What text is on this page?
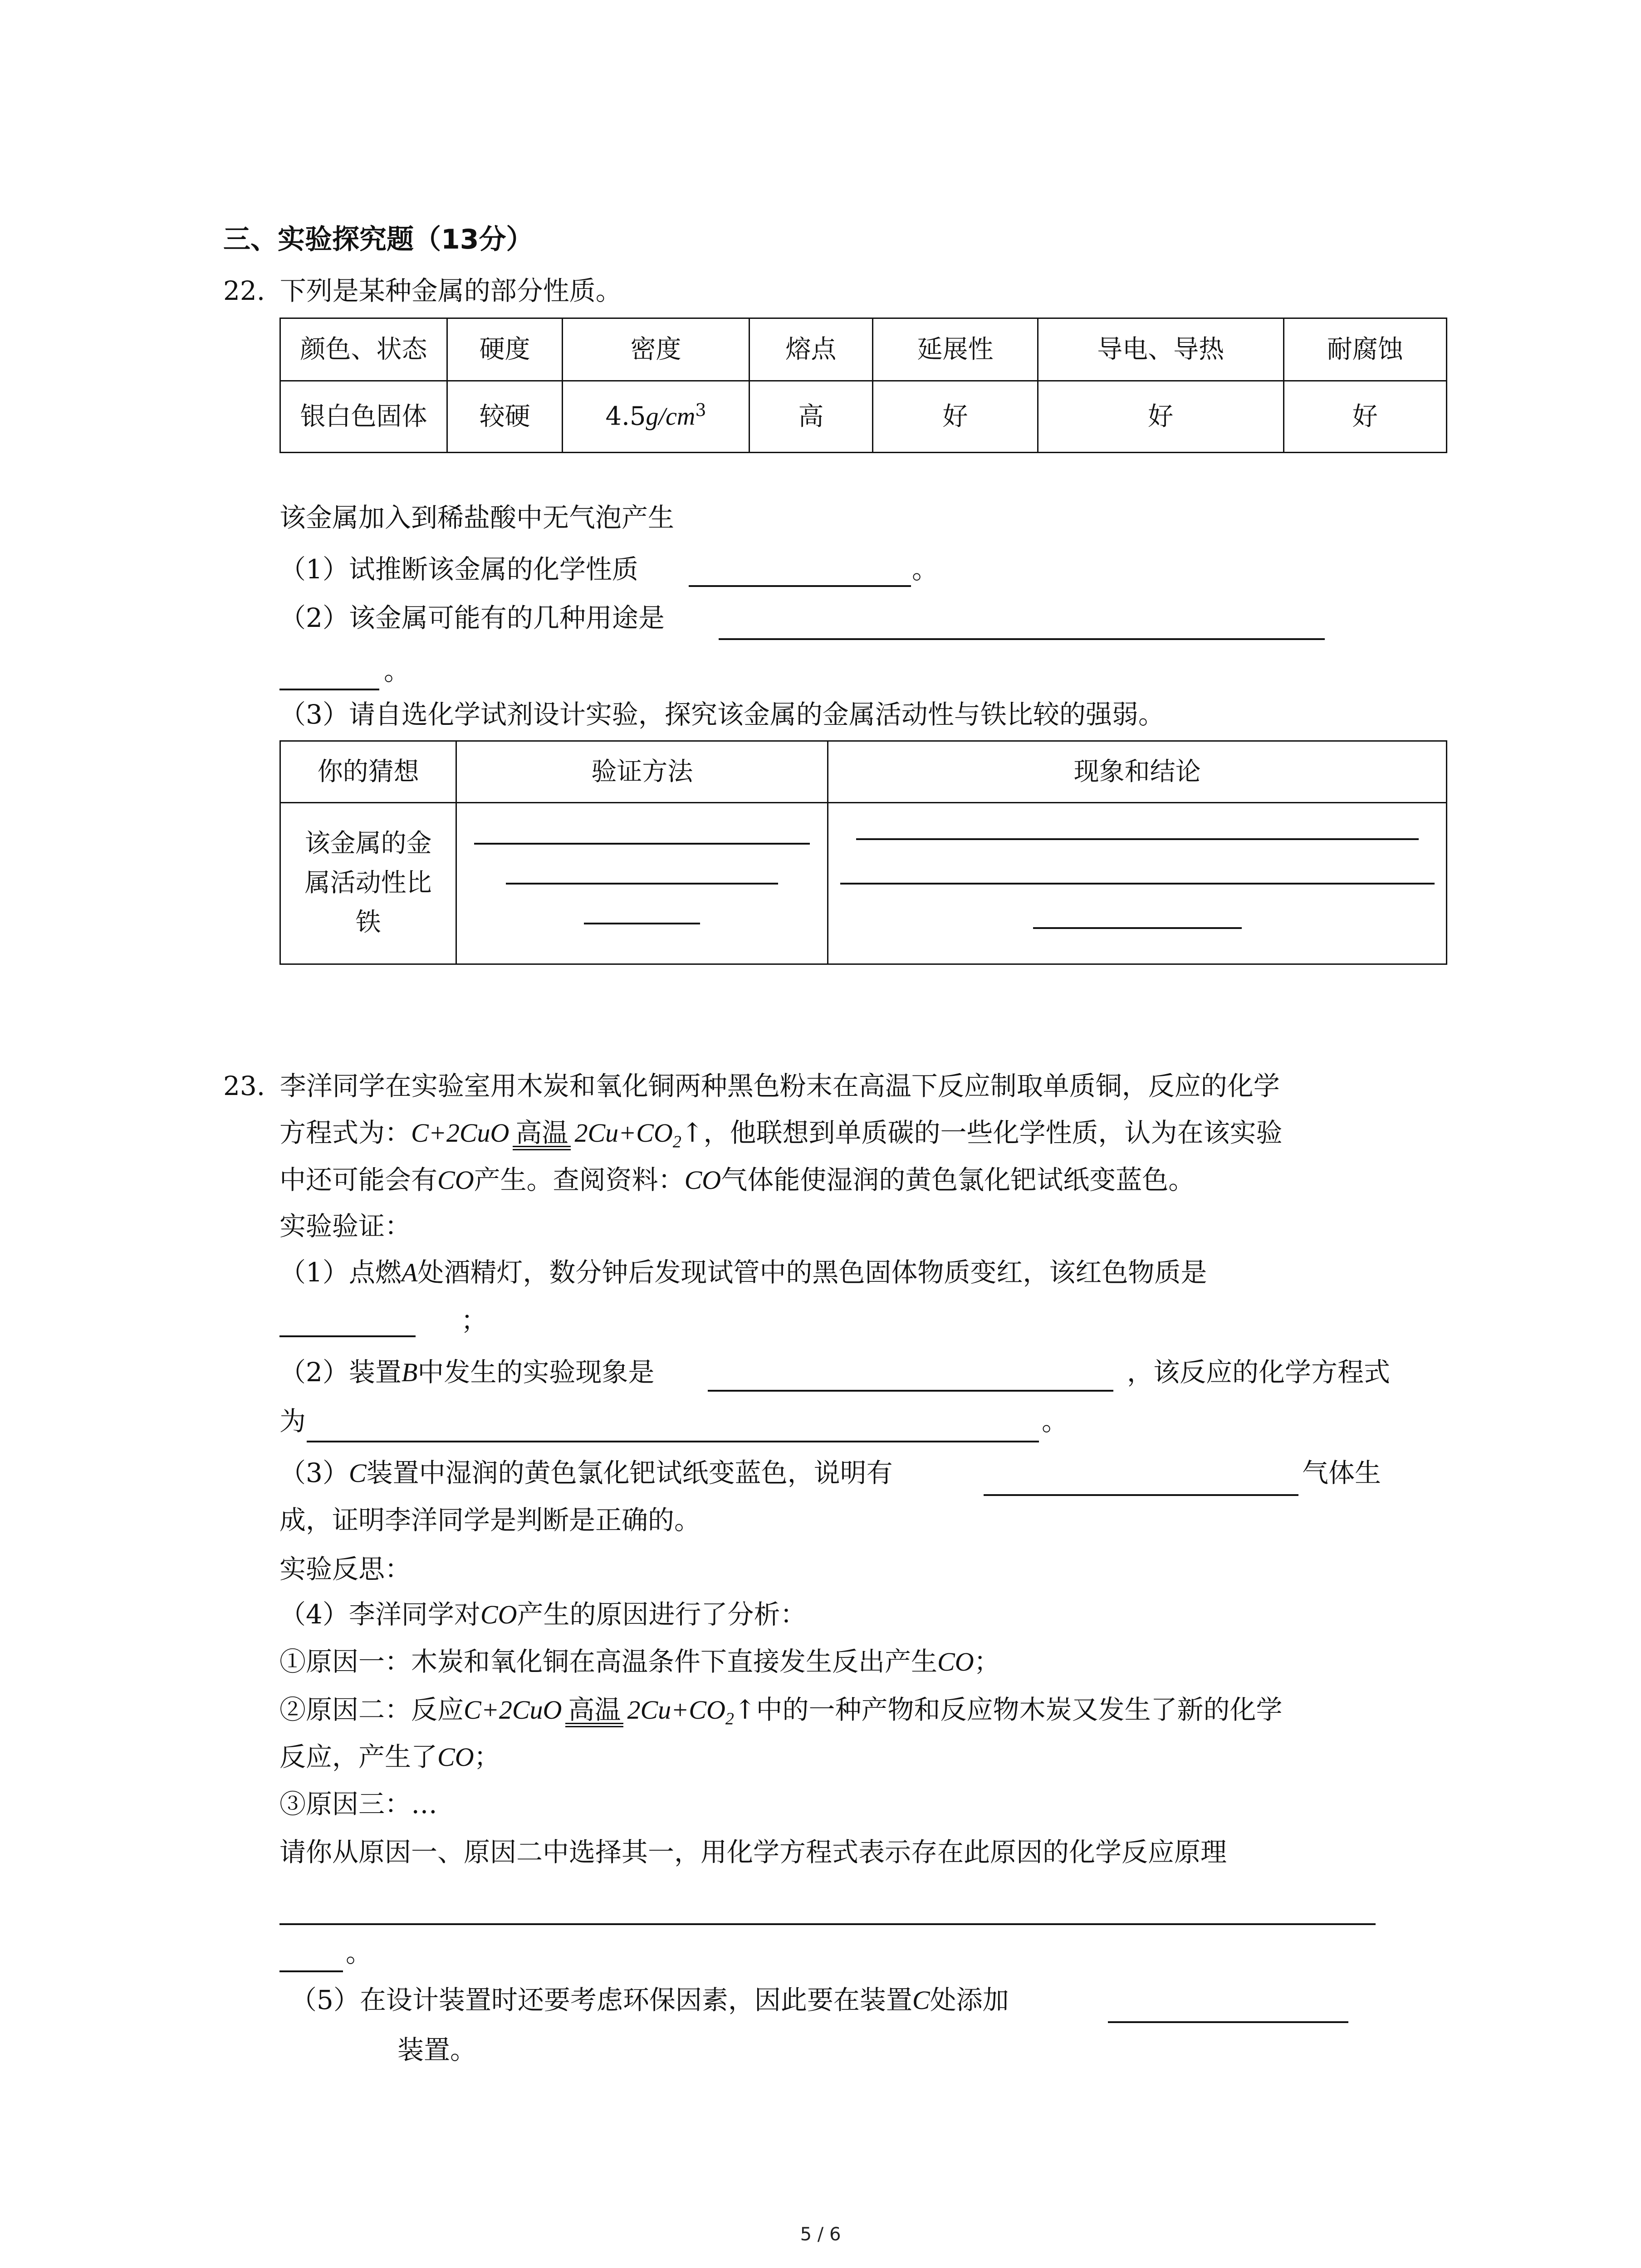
三、实验探究题（13分）
22. 下列是某种金属的部分性质。
颜色、状态	硬度	密度	熔点	延展性	导电、导热	耐腐蚀
银白色固体	较硬	$4.5g/cm^3$	高	好	好	好
该金属加入到稀盐酸中无气泡产生
（1）试推断该金属的化学性质	。
（2）该金属可能有的几种用途是
。
（3）请自选化学试剂设计实验，探究该金属的金属活动性与铁比较的强弱。
你的猜想	验证方法	现象和结论

该金属的金
属活动性比
铁		

23. 李洋同学在实验室用木炭和氧化铜两种黑色粉末在高温下反应制取单质铜，反应的化学
方程式为：C+2CuO 高温 $2Cu+CO_2↑$，他联想到单质碳的一些化学性质，认为在该实验
中还可能会有CO产生。查阅资料：CO气体能使湿润的黄色氯化钯试纸变蓝色。
实验验证：
（1）点燃A处酒精灯，数分钟后发现试管中的黑色固体物质变红，该红色物质是
；
（2）装置B中发生的实验现象是	，该反应的化学方程式
为	。
（3）C装置中湿润的黄色氯化钯试纸变蓝色，说明有	气体生
成，证明李洋同学是判断是正确的。
实验反思：
（4）李洋同学对CO产生的原因进行了分析：
①原因一：木炭和氧化铜在高温条件下直接发生反出产生CO；
②原因二：反应C+2CuO 高温 $2Cu+CO_2↑$中的一种产物和反应物木炭又发生了新的化学
反应，产生了CO；
③原因三：…
请你从原因一、原因二中选择其一，用化学方程式表示存在此原因的化学反应原理
。
（5）在设计装置时还要考虑环保因素，因此要在装置C处添加
装置。
5 / 6
